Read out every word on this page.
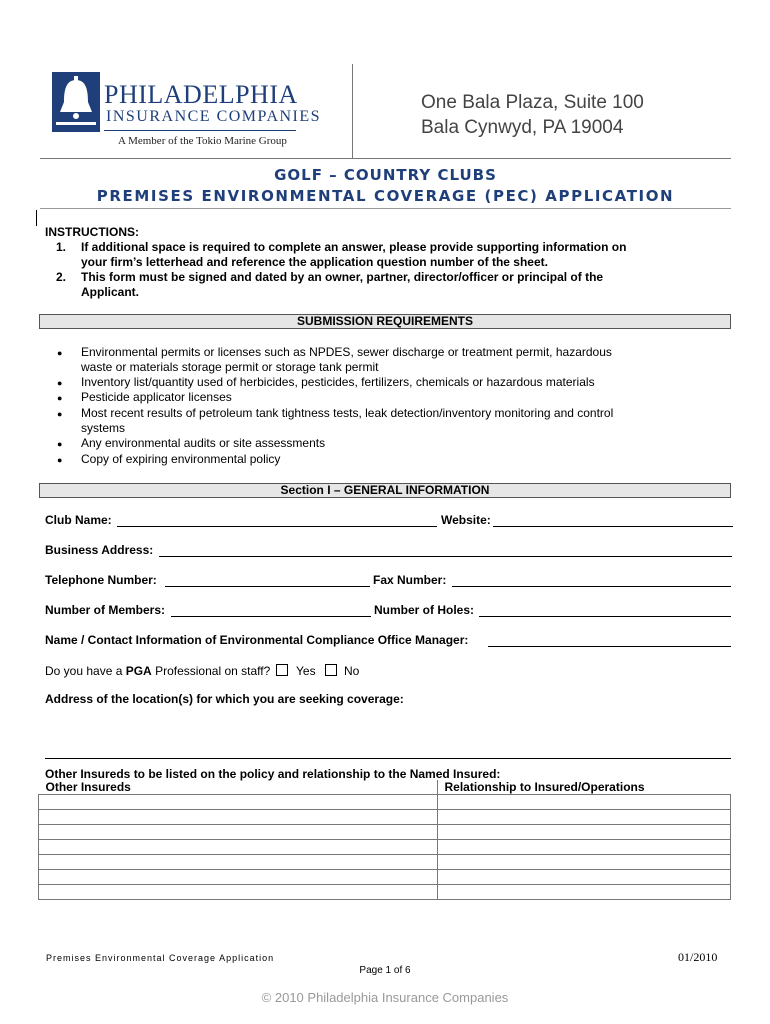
PHILADELPHIA
INSURANCE COMPANIES
A Member of the Tokio Marine Group
One Bala Plaza, Suite 100
Bala Cynwyd, PA 19004
GOLF – COUNTRY CLUBS
PREMISES ENVIRONMENTAL COVERAGE (PEC) APPLICATION
INSTRUCTIONS:
1. If additional space is required to complete an answer, please provide supporting information on
your firm’s letterhead and reference the application question number of the sheet.
2. This form must be signed and dated by an owner, partner, director/officer or principal of the
Applicant.
SUBMISSION REQUIREMENTS
● Environmental permits or licenses such as NPDES, sewer discharge or treatment permit, hazardous
waste or materials storage permit or storage tank permit
● Inventory list/quantity used of herbicides, pesticides, fertilizers, chemicals or hazardous materials
● Pesticide applicator licenses
● Most recent results of petroleum tank tightness tests, leak detection/inventory monitoring and control
systems
● Any environmental audits or site assessments
● Copy of expiring environmental policy
Section I – GENERAL INFORMATION
Club Name:	Website:
Business Address:
Telephone Number:	Fax Number:
Number of Members:	Number of Holes:
Name / Contact Information of Environmental Compliance Office Manager:
Do you have a PGA Professional on staff? Yes No
Address of the location(s) for which you are seeking coverage:
Other Insureds to be listed on the policy and relationship to the Named Insured:
Other Insureds	Relationship to Insured/Operations

Premises Environmental Coverage Application	01/2010
Page 1 of 6
© 2010 Philadelphia Insurance Companies
